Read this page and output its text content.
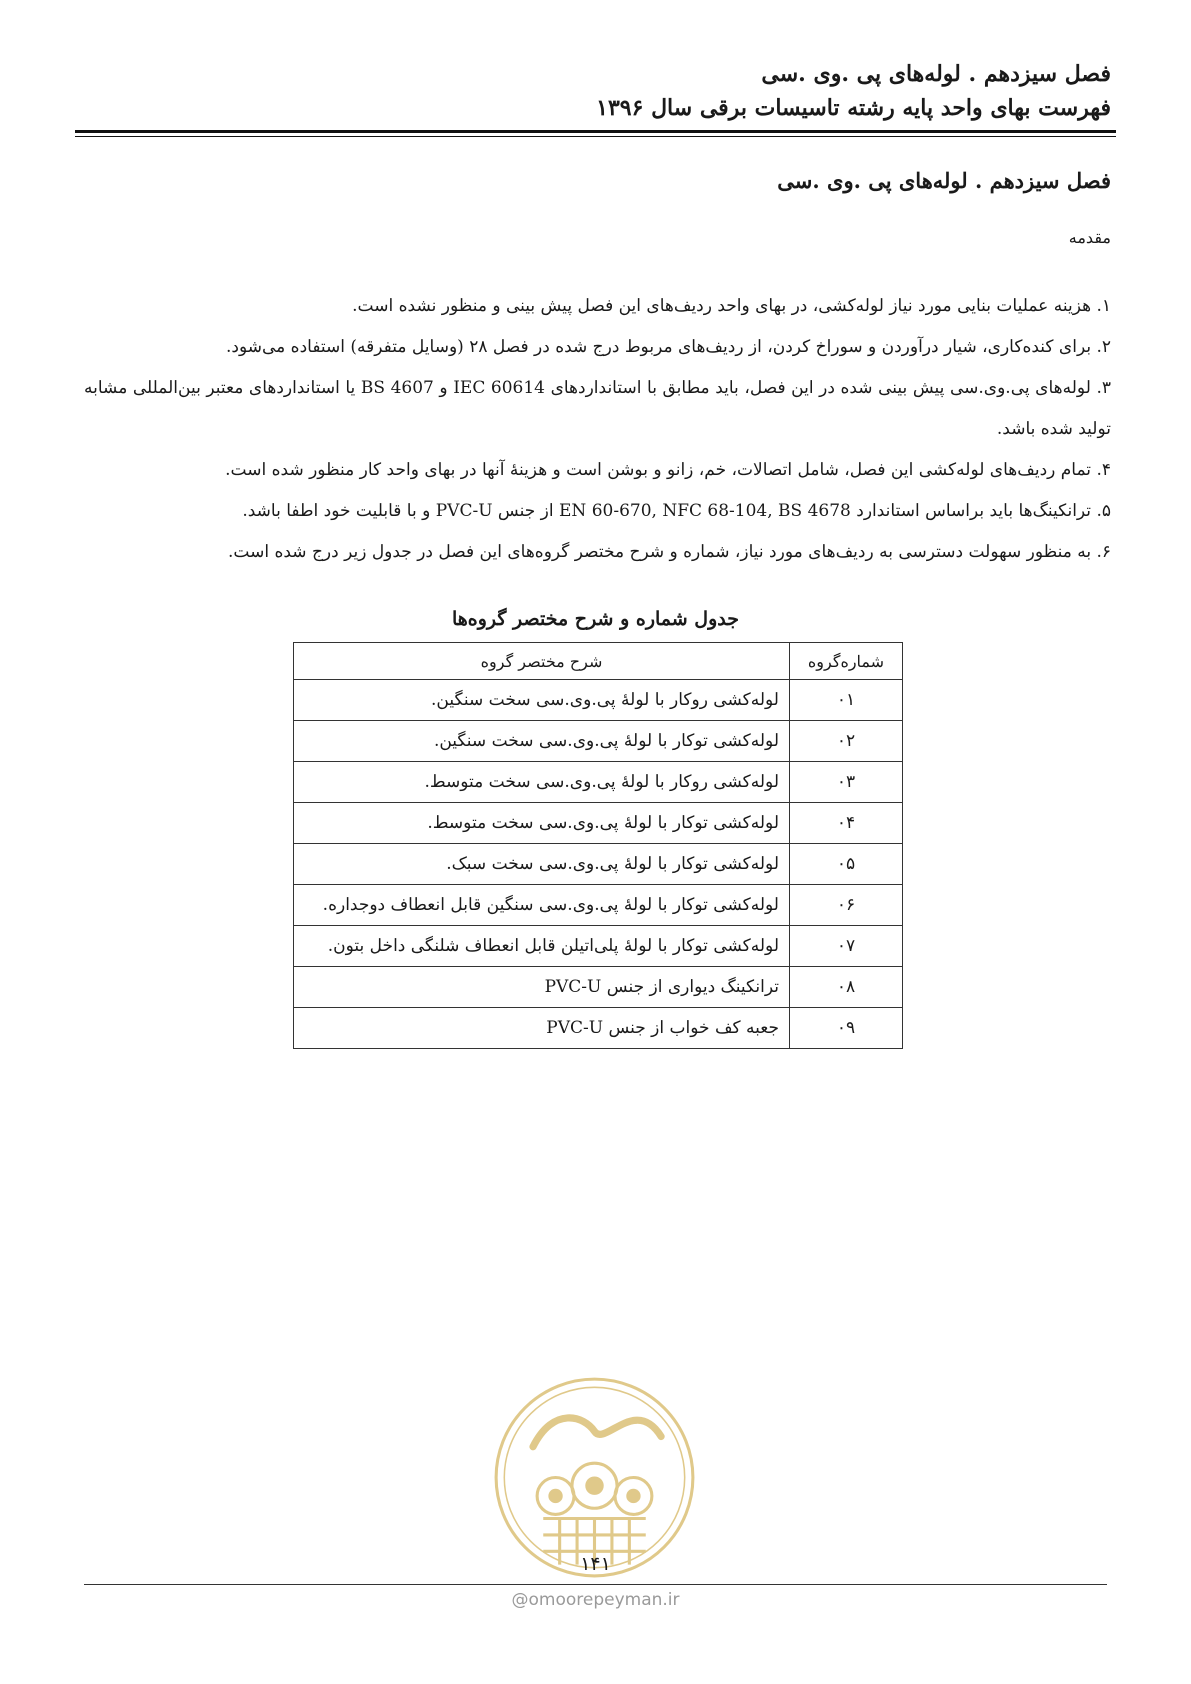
فصل سیزدهم . لوله‌های پی .وی .سی
فهرست بهای واحد پایه رشته تاسیسات برقی سال ۱۳۹۶
فصل سیزدهم . لوله‌های پی .وی .سی
مقدمه
۱. هزینه عملیات بنایی مورد نیاز لوله‌کشی، در بهای واحد ردیف‌های این فصل پیش بینی و منظور نشده است.
۲. برای کنده‌کاری، شیار درآوردن و سوراخ کردن، از ردیف‌های مربوط درج شده در فصل ۲۸ (وسایل متفرقه) استفاده می‌شود.
۳. لوله‌های پی.وی.سی پیش بینی شده در این فصل، باید مطابق با استانداردهای IEC 60614 و BS 4607 یا استانداردهای معتبر بین‌المللی مشابه تولید شده باشد.
۴. تمام ردیف‌های لوله‌کشی این فصل، شامل اتصالات، خم، زانو و بوشن است و هزینهٔ آنها در بهای واحد کار منظور شده است.
۵. ترانکینگ‌ها باید براساس استاندارد EN 60-670, NFC 68-104, BS 4678 از جنس PVC-U و با قابلیت خود اطفا باشد.
۶. به منظور سهولت دسترسی به ردیف‌های مورد نیاز، شماره و شرح مختصر گروه‌های این فصل در جدول زیر درج شده است.
جدول شماره و شرح مختصر گروه‌ها
شماره‌گروه	شرح مختصر گروه
۰۱	لوله‌کشی روکار با لولهٔ پی.وی.سی سخت سنگین.
۰۲	لوله‌کشی توکار با لولهٔ پی.وی.سی سخت سنگین.
۰۳	لوله‌کشی روکار با لولهٔ پی.وی.سی سخت متوسط.
۰۴	لوله‌کشی توکار با لولهٔ پی.وی.سی سخت متوسط.
۰۵	لوله‌کشی توکار با لولهٔ پی.وی.سی سخت سبک.
۰۶	لوله‌کشی توکار با لولهٔ پی.وی.سی سنگین قابل انعطاف دوجداره.
۰۷	لوله‌کشی توکار با لولهٔ پلی‌اتیلن قابل انعطاف شلنگی داخل بتون.
۰۸	ترانکینگ دیواری از جنس PVC-U
۰۹	جعبه کف خواب از جنس PVC-U
۱۴۱
@omoorepeyman.ir
